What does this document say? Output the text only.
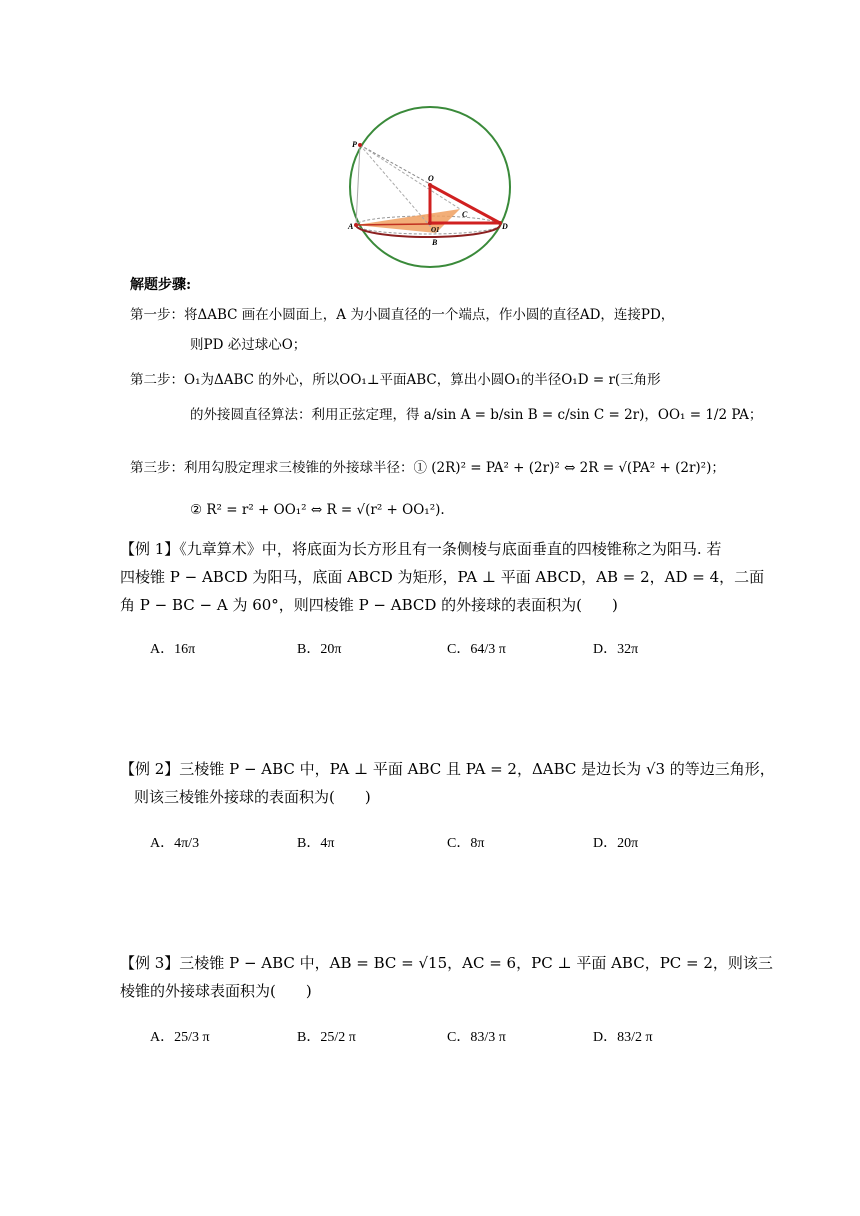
P
O
C
A	O1
B
D
解题步骤:
第一步：将ΔABC 画在小圆面上，A 为小圆直径的一个端点，作小圆的直径AD，连接PD，
则PD 必过球心O；
第二步：O₁为ΔABC 的外心，所以OO₁⊥平面ABC，算出小圆O₁的半径O₁D = r(三角形
的外接圆直径算法：利用正弦定理，得 a/sin A = b/sin B = c/sin C = 2r)，OO₁ = 1/2 PA；
第三步：利用勾股定理求三棱锥的外接球半径：① (2R)² = PA² + (2r)² ⇔ 2R = √(PA² + (2r)²)；
② R² = r² + OO₁² ⇔ R = √(r² + OO₁²).
【例 1】《九章算术》中，将底面为长方形且有一条侧棱与底面垂直的四棱锥称之为阳马. 若
四棱锥 P − ABCD 为阳马，底面 ABCD 为矩形，PA ⊥ 平面 ABCD，AB = 2，AD = 4，二面
角 P − BC − A 为 60°，则四棱锥 P − ABCD 的外接球的表面积为(　　)
A．16π	B．20π	C．64/3 π	D．32π
【例 2】三棱锥 P − ABC 中，PA ⊥ 平面 ABC 且 PA = 2，ΔABC 是边长为 √3 的等边三角形，
则该三棱锥外接球的表面积为(　　)
A．4π/3	B．4π	C．8π	D．20π
【例 3】三棱锥 P − ABC 中，AB = BC = √15，AC = 6，PC ⊥ 平面 ABC，PC = 2，则该三
棱锥的外接球表面积为(　　)
A．25/3 π	B．25/2 π	C．83/3 π	D．83/2 π
